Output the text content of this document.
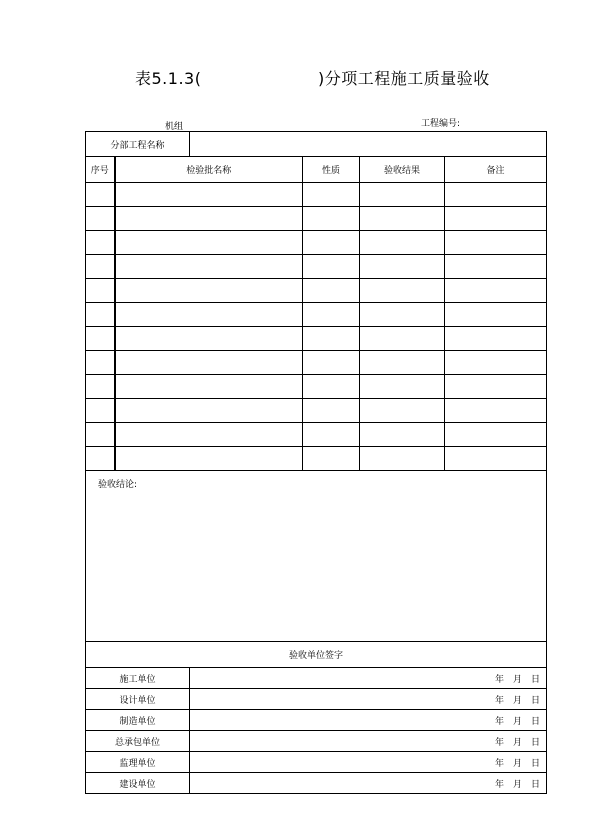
表5.1.3(	)分项工程施工质量验收
机组	工程编号:
分部工程名称					
序号	检验批名称		性质	验收结果	备注

验收结论:					
验收单位签字					
施工单位		年 月 日			
设计单位		年 月 日			
制造单位		年 月 日			
总承包单位		年 月 日			
监理单位		年 月 日			
建设单位		年 月 日			
